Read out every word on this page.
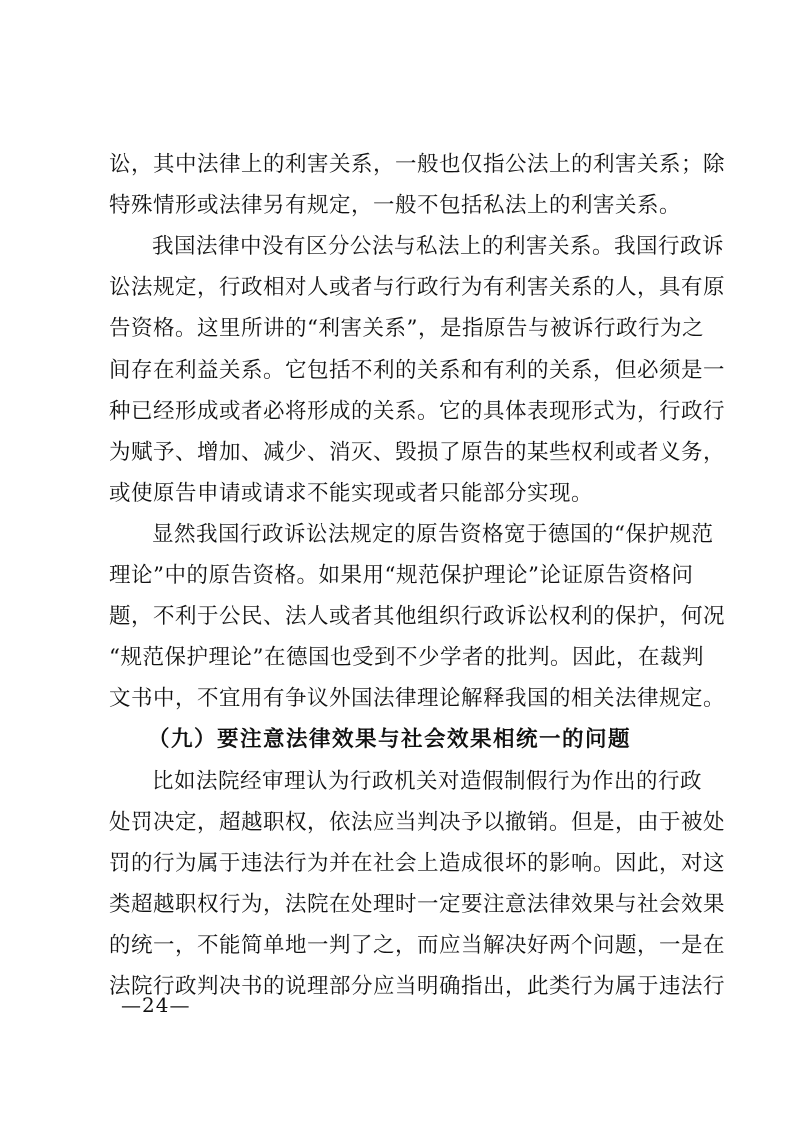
讼，其中法律上的利害关系，一般也仅指公法上的利害关系；除
特殊情形或法律另有规定，一般不包括私法上的利害关系。
我国法律中没有区分公法与私法上的利害关系。我国行政诉
讼法规定，行政相对人或者与行政行为有利害关系的人，具有原
告资格。这里所讲的“利害关系”，是指原告与被诉行政行为之
间存在利益关系。它包括不利的关系和有利的关系，但必须是一
种已经形成或者必将形成的关系。它的具体表现形式为，行政行
为赋予、增加、减少、消灭、毁损了原告的某些权利或者义务，
或使原告申请或请求不能实现或者只能部分实现。
显然我国行政诉讼法规定的原告资格宽于德国的“保护规范
理论”中的原告资格。如果用“规范保护理论”论证原告资格问
题，不利于公民、法人或者其他组织行政诉讼权利的保护，何况
“规范保护理论”在德国也受到不少学者的批判。因此，在裁判
文书中，不宜用有争议外国法律理论解释我国的相关法律规定。
（九）要注意法律效果与社会效果相统一的问题
比如法院经审理认为行政机关对造假制假行为作出的行政
处罚决定，超越职权，依法应当判决予以撤销。但是，由于被处
罚的行为属于违法行为并在社会上造成很坏的影响。因此，对这
类超越职权行为，法院在处理时一定要注意法律效果与社会效果
的统一，不能简单地一判了之，而应当解决好两个问题，一是在
法院行政判决书的说理部分应当明确指出，此类行为属于违法行
—24—
